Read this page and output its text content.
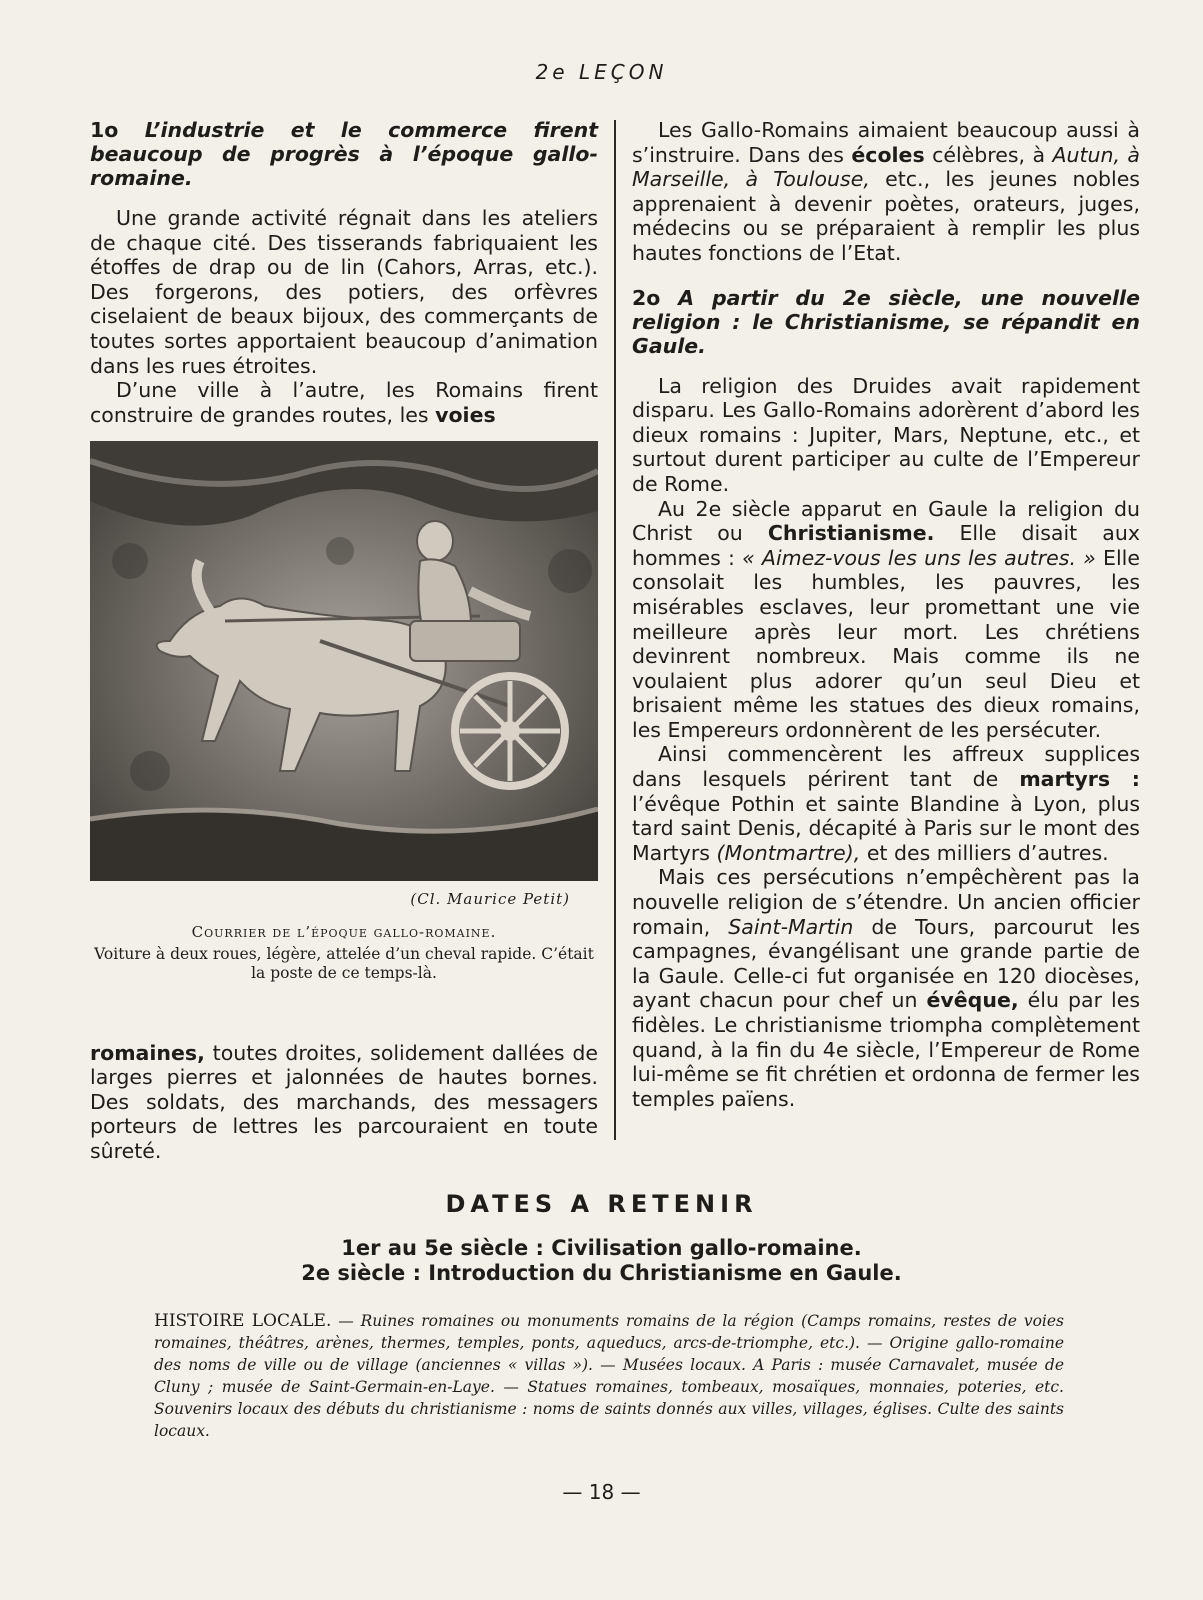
2e LEÇON
1o L’industrie et le commerce firent beaucoup de progrès à l’époque gallo-romaine.

Une grande activité régnait dans les ateliers de chaque cité. Des tisserands fabriquaient les étoffes de drap ou de lin (Cahors, Arras, etc.). Des forgerons, des potiers, des orfèvres ciselaient de beaux bijoux, des commerçants de toutes sortes apportaient beaucoup d’animation dans les rues étroites.

D’une ville à l’autre, les Romains firent construire de grandes routes, les voies

(Cl. Maurice Petit)
Courrier de l’époque gallo-romaine.
Voiture à deux roues, légère, attelée d’un cheval rapide. C’était la poste de ce temps-là.

romaines, toutes droites, solidement dallées de larges pierres et jalonnées de hautes bornes. Des soldats, des marchands, des messagers porteurs de lettres les parcouraient en toute sûreté.

Les Gallo-Romains aimaient beaucoup aussi à s’instruire. Dans des écoles célèbres, à Autun, à Marseille, à Toulouse, etc., les jeunes nobles apprenaient à devenir poètes, orateurs, juges, médecins ou se préparaient à remplir les plus hautes fonctions de l’Etat.

2o A partir du 2e siècle, une nouvelle religion : le Christianisme, se répandit en Gaule.

La religion des Druides avait rapidement disparu. Les Gallo-Romains adorèrent d’abord les dieux romains : Jupiter, Mars, Neptune, etc., et surtout durent participer au culte de l’Empereur de Rome.

Au 2e siècle apparut en Gaule la religion du Christ ou Christianisme. Elle disait aux hommes : « Aimez-vous les uns les autres. » Elle consolait les humbles, les pauvres, les misérables esclaves, leur promettant une vie meilleure après leur mort. Les chrétiens devinrent nombreux. Mais comme ils ne voulaient plus adorer qu’un seul Dieu et brisaient même les statues des dieux romains, les Empereurs ordonnèrent de les persécuter.

Ainsi commencèrent les affreux supplices dans lesquels périrent tant de martyrs : l’évêque Pothin et sainte Blandine à Lyon, plus tard saint Denis, décapité à Paris sur le mont des Martyrs (Montmartre), et des milliers d’autres.

Mais ces persécutions n’empêchèrent pas la nouvelle religion de s’étendre. Un ancien officier romain, Saint-Martin de Tours, parcourut les campagnes, évangélisant une grande partie de la Gaule. Celle-ci fut organisée en 120 diocèses, ayant chacun pour chef un évêque, élu par les fidèles. Le christianisme triompha complètement quand, à la fin du 4e siècle, l’Empereur de Rome lui-même se fit chrétien et ordonna de fermer les temples païens.

DATES A RETENIR
1er au 5e siècle : Civilisation gallo-romaine.
2e siècle : Introduction du Christianisme en Gaule.
HISTOIRE LOCALE. — Ruines romaines ou monuments romains de la région (Camps romains, restes de voies romaines, théâtres, arènes, thermes, temples, ponts, aqueducs, arcs-de-triomphe, etc.). — Origine gallo-romaine des noms de ville ou de village (anciennes « villas »). — Musées locaux. A Paris : musée Carnavalet, musée de Cluny ; musée de Saint-Germain-en-Laye. — Statues romaines, tombeaux, mosaïques, monnaies, poteries, etc. Souvenirs locaux des débuts du christianisme : noms de saints donnés aux villes, villages, églises. Culte des saints locaux.
— 18 —
